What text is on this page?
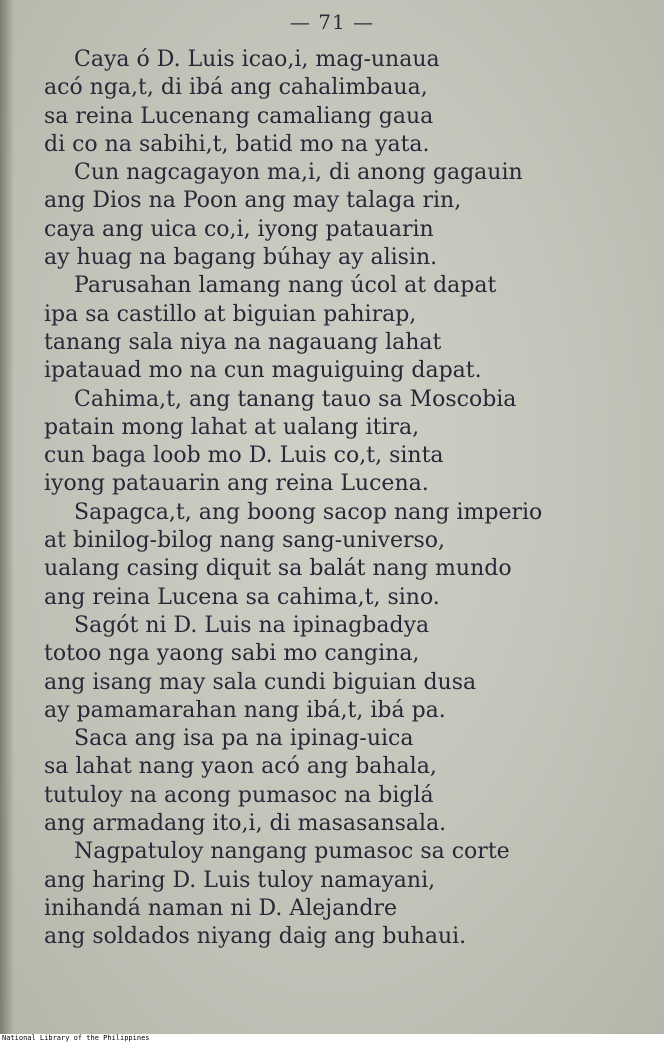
— 71 —
Caya ó D. Luis icao,i, mag-unaua
acó nga,t, di ibá ang cahalimbaua,
sa reina Lucenang camaliang gaua
di co na sabihi,t, batid mo na yata.
Cun nagcagayon ma,i, di anong gagauin
ang Dios na Poon ang may talaga rin,
caya ang uica co,i, iyong patauarin
ay huag na bagang búhay ay alisin.
Parusahan lamang nang úcol at dapat
ipa sa castillo at biguian pahirap,
tanang sala niya na nagauang lahat
ipatauad mo na cun maguiguing dapat.
Cahima,t, ang tanang tauo sa Moscobia
patain mong lahat at ualang itira,
cun baga loob mo D. Luis co,t, sinta
iyong patauarin ang reina Lucena.
Sapagca,t, ang boong sacop nang imperio
at binilog-bilog nang sang-universo,
ualang casing diquit sa balát nang mundo
ang reina Lucena sa cahima,t, sino.
Sagót ni D. Luis na ipinagbadya
totoo nga yaong sabi mo cangina,
ang isang may sala cundi biguian dusa
ay pamamarahan nang ibá,t, ibá pa.
Saca ang isa pa na ipinag-uica
sa lahat nang yaon acó ang bahala,
tutuloy na acong pumasoc na biglá
ang armadang ito,i, di masasansala.
Nagpatuloy nangang pumasoc sa corte
ang haring D. Luis tuloy namayani,
inihandá naman ni D. Alejandre
ang soldados niyang daig ang buhaui.
National Library of the Philippines
